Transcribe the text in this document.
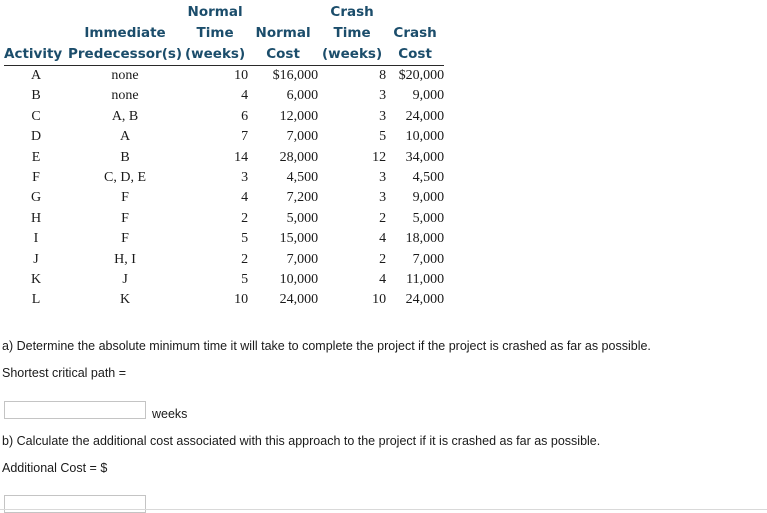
		Normal		Crash	
	Immediate	Time	Normal	Time	Crash
Activity	Predecessor(s)	(weeks)	Cost	(weeks)	Cost
A	none	10	$16,000	8	$20,000
B	none	4	6,000	3	9,000
C	A, B	6	12,000	3	24,000
D	A	7	7,000	5	10,000
E	B	14	28,000	12	34,000
F	C, D, E	3	4,500	3	4,500
G	F	4	7,200	3	9,000
H	F	2	5,000	2	5,000
I	F	5	15,000	4	18,000
J	H, I	2	7,000	2	7,000
K	J	5	10,000	4	11,000
L	K	10	24,000	10	24,000
a) Determine the absolute minimum time it will take to complete the project if the project is crashed as far as possible.
Shortest critical path =
weeks
b) Calculate the additional cost associated with this approach to the project if it is crashed as far as possible.
Additional Cost = $
